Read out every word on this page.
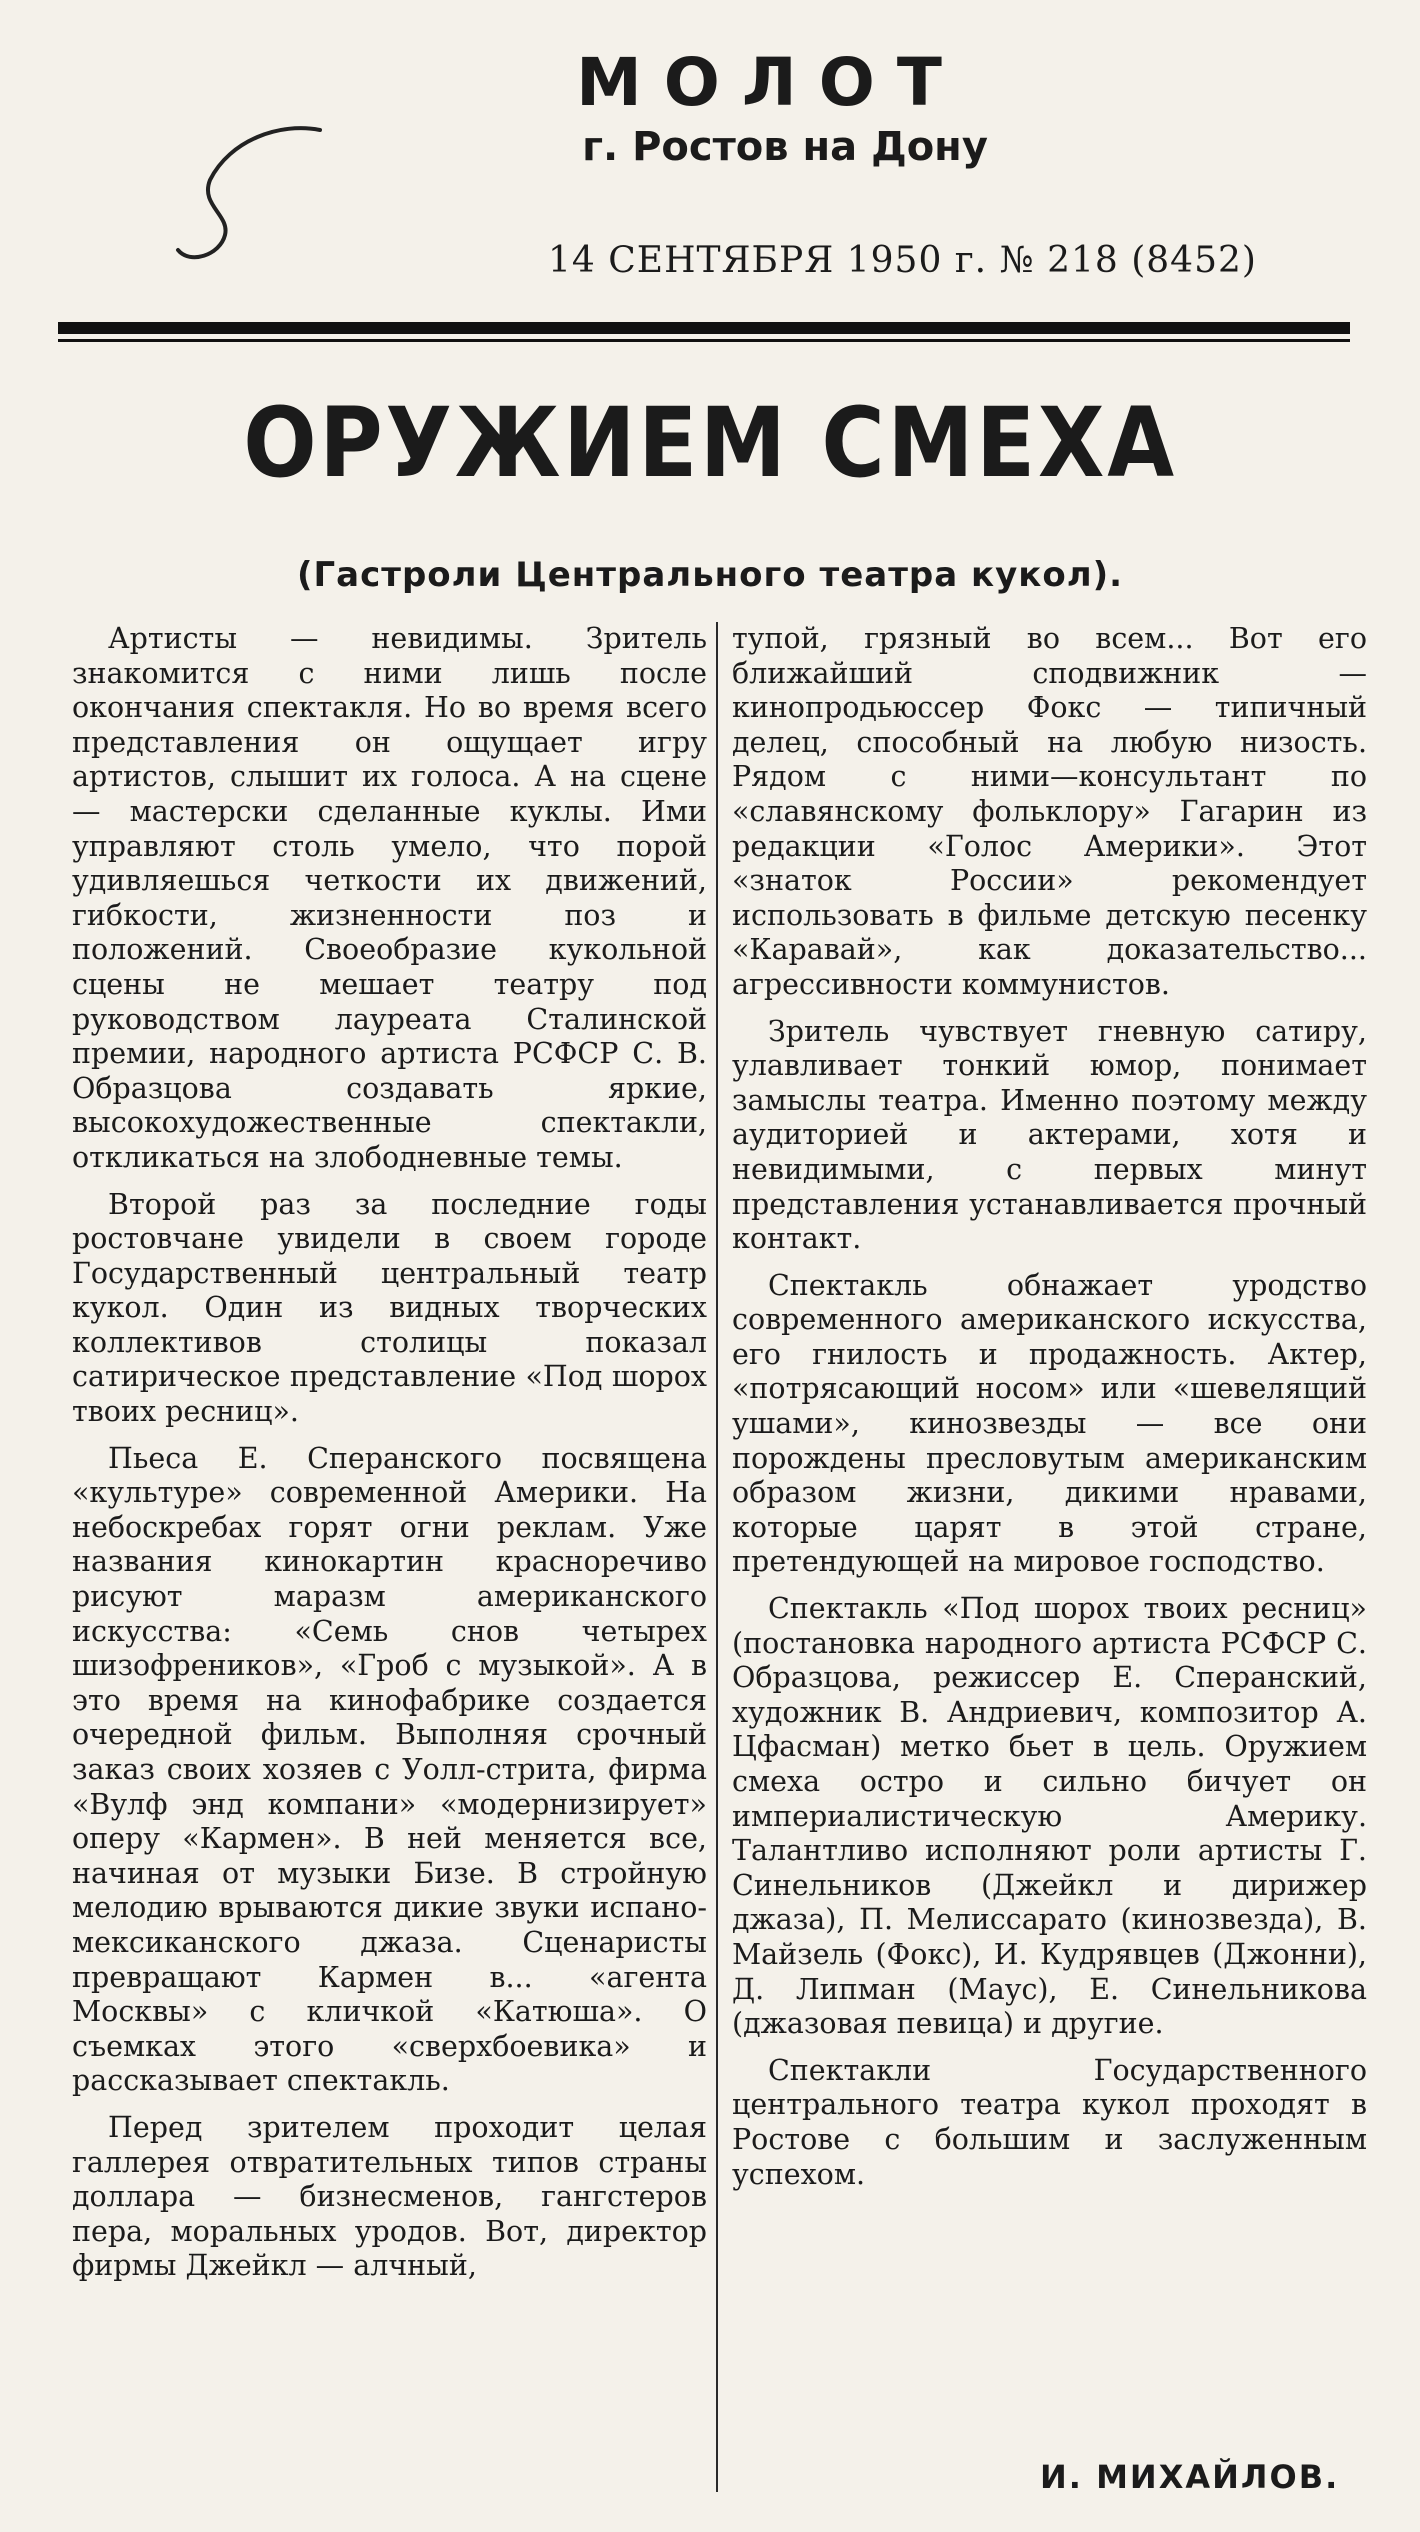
МОЛОТ
г. Ростов на Дону
14 СЕНТЯБРЯ 1950 г. № 218 (8452)
ОРУЖИЕМ СМЕХА
(Гастроли Центрального театра кукол).

Артисты — невидимы. Зритель знакомится с ними лишь после окончания спектакля. Но во время всего представления он ощущает игру артистов, слышит их голоса. А на сцене — мастерски сделанные куклы. Ими управляют столь умело, что порой удивляешься четкости их движений, гибкости, жизненности поз и положений. Своеобразие кукольной сцены не мешает театру под руководством лауреата Сталинской премии, народного артиста РСФСР С. В. Образцова создавать яркие, высокохудожественные спектакли, откликаться на злободневные темы.

Второй раз за последние годы ростовчане увидели в своем городе Государственный центральный театр кукол. Один из видных творческих коллективов столицы показал сатирическое представление «Под шорох твоих ресниц».

Пьеса Е. Сперанского посвящена «культуре» современной Америки. На небоскребах горят огни реклам. Уже названия кинокартин красноречиво рисуют маразм американского искусства: «Семь снов четырех шизофреников», «Гроб с музыкой». А в это время на кинофабрике создается очередной фильм. Выполняя срочный заказ своих хозяев с Уолл-стрита, фирма «Вулф энд компани» «модернизирует» оперу «Кармен». В ней меняется все, начиная от музыки Бизе. В стройную мелодию врываются дикие звуки испано-мексиканского джаза. Сценаристы превращают Кармен в... «агента Москвы» с кличкой «Катюша». О съемках этого «сверхбоевика» и рассказывает спектакль.

Перед зрителем проходит целая галлерея отвратительных типов страны доллара — бизнесменов, гангстеров пера, моральных уродов. Вот, директор фирмы Джейкл — алчный,

тупой, грязный во всем... Вот его ближайший сподвижник — кинопродьюссер Фокс — типичный делец, способный на любую низость. Рядом с ними—консультант по «славянскому фольклору» Гагарин из редакции «Голос Америки». Этот «знаток России» рекомендует использовать в фильме детскую песенку «Каравай», как доказательство... агрессивности коммунистов.

Зритель чувствует гневную сатиру, улавливает тонкий юмор, понимает замыслы театра. Именно поэтому между аудиторией и актерами, хотя и невидимыми, с первых минут представления устанавливается прочный контакт.

Спектакль обнажает уродство современного американского искусства, его гнилость и продажность. Актер, «потрясающий носом» или «шевелящий ушами», кинозвезды — все они порождены пресловутым американским образом жизни, дикими нравами, которые царят в этой стране, претендующей на мировое господство.

Спектакль «Под шорох твоих ресниц» (постановка народного артиста РСФСР С. Образцова, режиссер Е. Сперанский, художник В. Андриевич, композитор А. Цфасман) метко бьет в цель. Оружием смеха остро и сильно бичует он империалистическую Америку. Талантливо исполняют роли артисты Г. Синельников (Джейкл и дирижер джаза), П. Мелиссарато (кинозвезда), В. Майзель (Фокс), И. Кудрявцев (Джонни), Д. Липман (Маус), Е. Синельникова (джазовая певица) и другие.

Спектакли Государственного центрального театра кукол проходят в Ростове с большим и заслуженным успехом.

И. МИХАЙЛОВ.
